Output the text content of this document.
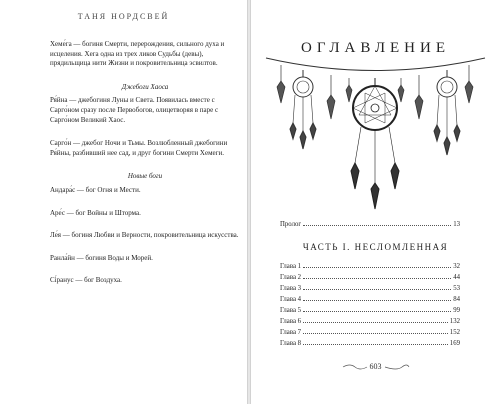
ТАНЯ НОРДСВЕЙ

Хеме́га — богиня Смерти, перерождения, сильного духа и исцеления. Хега одна из трех ликов Судьбы (девы), прядильщица нити Жизни и покровительница эсвилтов.

Джебоги Хаоса

Ря́йна — джебогиня Луны и Света. Появилась вместе с Сарго́ном сразу после Первобогов, олицетворяя в паре с Сарго́ном Великий Хаос.

Сарго́н — джебог Ночи и Тьмы. Возлюбленный джебогини Ря́йны, разбивший нее сад, и друг богини Смерти Хемеги.

Новые боги

Андара́с — бог Огня и Мести.

Аре́с — бог Войны и Шторма.

Ле́я — богиня Любви и Верности, покровительница искусства.

Ранла́йн — богиня Воды и Морей.

Сі́ранус — бог Воздуха.

ОГЛАВЛЕНИЕ
Пролог	13
ЧАСТЬ I. НЕСЛОМЛЕННАЯ
Глава 1	32
Глава 2	44
Глава 3	53
Глава 4	84
Глава 5	99
Глава 6	132
Глава 7	152
Глава 8	169
603
